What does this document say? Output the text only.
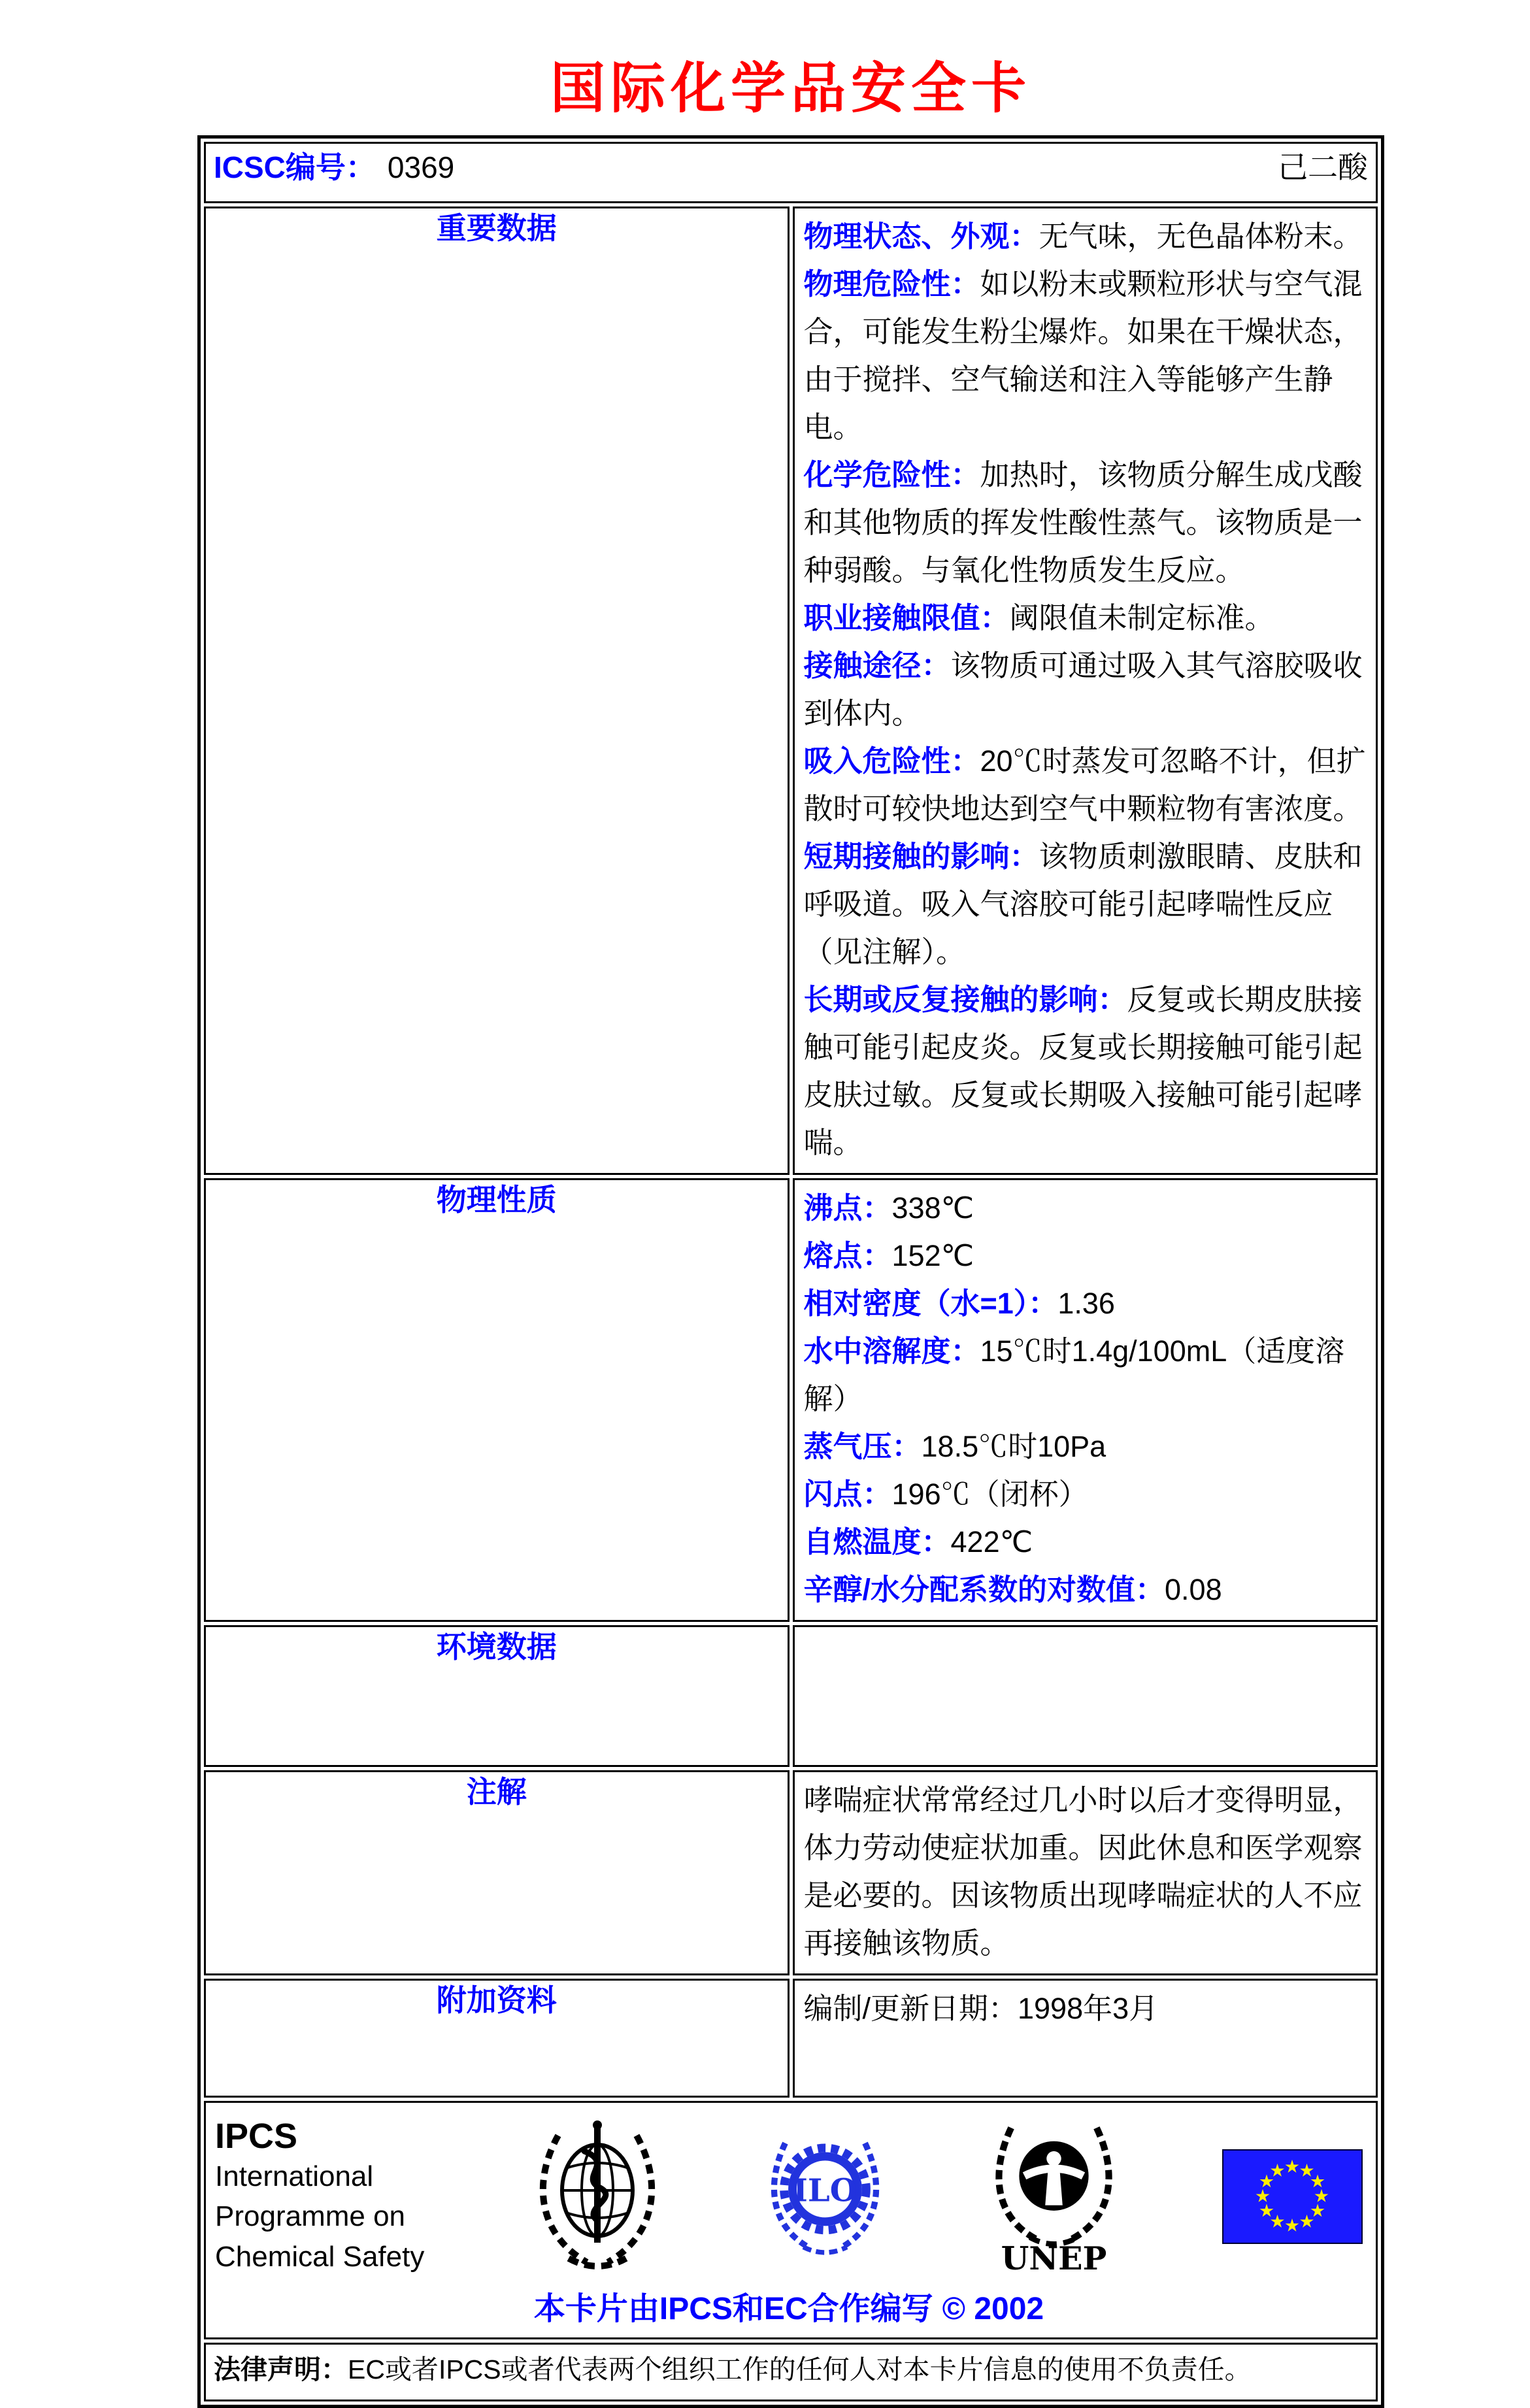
国际化学品安全卡
ICSC编号： 0369 己二酸	

重要数据	物理状态、外观：无气味，无色晶体粉末。
物理危险性：如以粉末或颗粒形状与空气混合，可能发生粉尘爆炸。如果在干燥状态，由于搅拌、空气输送和注入等能够产生静电。
化学危险性：加热时，该物质分解生成戊酸和其他物质的挥发性酸性蒸气。该物质是一种弱酸。与氧化性物质发生反应。
职业接触限值：阈限值未制定标准。
接触途径：该物质可通过吸入其气溶胶吸收到体内。
吸入危险性：20℃时蒸发可忽略不计，但扩散时可较快地达到空气中颗粒物有害浓度。
短期接触的影响：该物质刺激眼睛、皮肤和呼吸道。吸入气溶胶可能引起哮喘性反应（见注解）。
长期或反复接触的影响：反复或长期皮肤接触可能引起皮炎。反复或长期接触可能引起皮肤过敏。反复或长期吸入接触可能引起哮喘。

物理性质	沸点：338℃
熔点：152℃
相对密度（水=1）：1.36
水中溶解度：15℃时1.4g/100mL（适度溶解）
蒸气压：18.5℃时10Pa
闪点：196℃（闭杯）
自燃温度：422℃
辛醇/水分配系数的对数值：0.08

环境数据	
注解	哮喘症状常常经过几小时以后才变得明显，体力劳动使症状加重。因此休息和医学观察是必要的。因该物质出现哮喘症状的人不应再接触该物质。

附加资料	编制/更新日期：1998年3月

IPCS
International
Programme on
Chemical Safety
ILO
UNEP
本卡片由IPCS和EC合作编写 © 2002

法律声明：EC或者IPCS或者代表两个组织工作的任何人对本卡片信息的使用不负责任。	
